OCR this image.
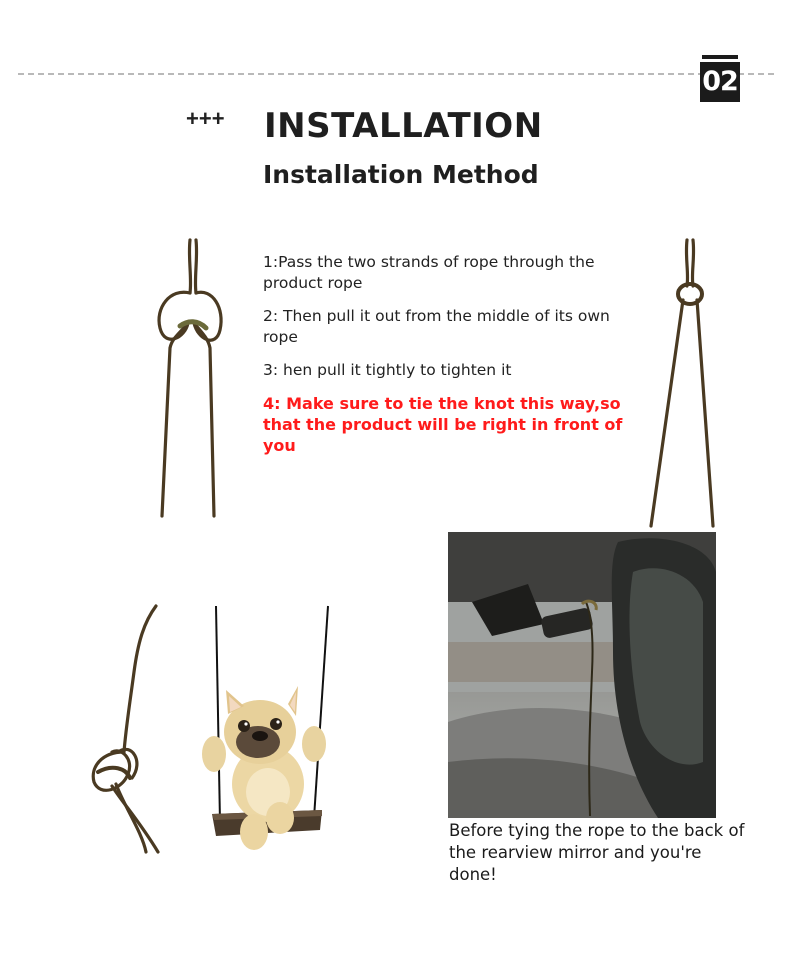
02
+++ INSTALLATION
Installation Method

1:Pass the two strands of rope through the product rope

2: Then pull it out from the middle of its own rope

3: hen pull it tightly to tighten it

4: Make sure to tie the knot this way,so that the product will be right in front of you

Before tying the rope to the back of the rearview mirror and you're done!
